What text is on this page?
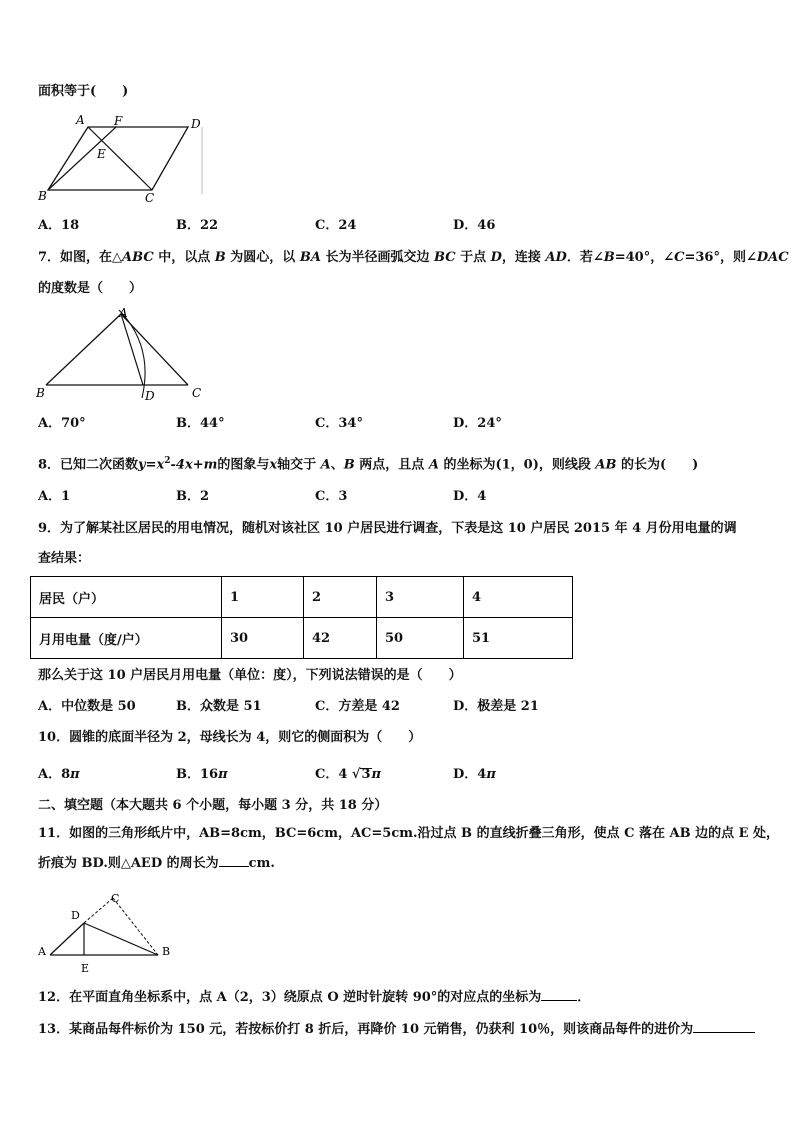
面积等于(　　)
A F	D
E
B	C
A．18	B．22	C．24	D．46
7．如图，在△ABC 中，以点 B 为圆心，以 BA 长为半径画弧交边 BC 于点 D，连接 AD．若∠B=40°，∠C=36°，则∠DAC
的度数是（　　）
A
B	C
D
A．70°	B．44°	C．34°	D．24°
8．已知二次函数$y=x^2-4x+m$的图象与x轴交于 A、B 两点，且点 A 的坐标为(1，0)，则线段 AB 的长为(　　)
A．1	B．2	C．3	D．4
9．为了解某社区居民的用电情况，随机对该社区 10 户居民进行调查，下表是这 10 户居民 2015 年 4 月份用电量的调
查结果：
居民（户）	1	2	3	4
月用电量（度/户）	30	42	50	51
那么关于这 10 户居民月用电量（单位：度），下列说法错误的是（　　）
A．中位数是 50	B．众数是 51	C．方差是 42	D．极差是 21
10．圆锥的底面半径为 2，母线长为 4，则它的侧面积为（　　）
A．8π	B．16π	C．4 √3π	D．4π
二、填空题（本大题共 6 个小题，每小题 3 分，共 18 分）
11．如图的三角形纸片中，AB=8cm，BC=6cm，AC=5cm.沿过点 B 的直线折叠三角形，使点 C 落在 AB 边的点 E 处，
折痕为 BD.则△AED 的周长为 cm.
C
D
A	B
E
12．在平面直角坐标系中，点 A（2，3）绕原点 O 逆时针旋转 90°的对应点的坐标为	．
13．某商品每件标价为 150 元，若按标价打 8 折后，再降价 10 元销售，仍获利 10％，则该商品每件的进价为
